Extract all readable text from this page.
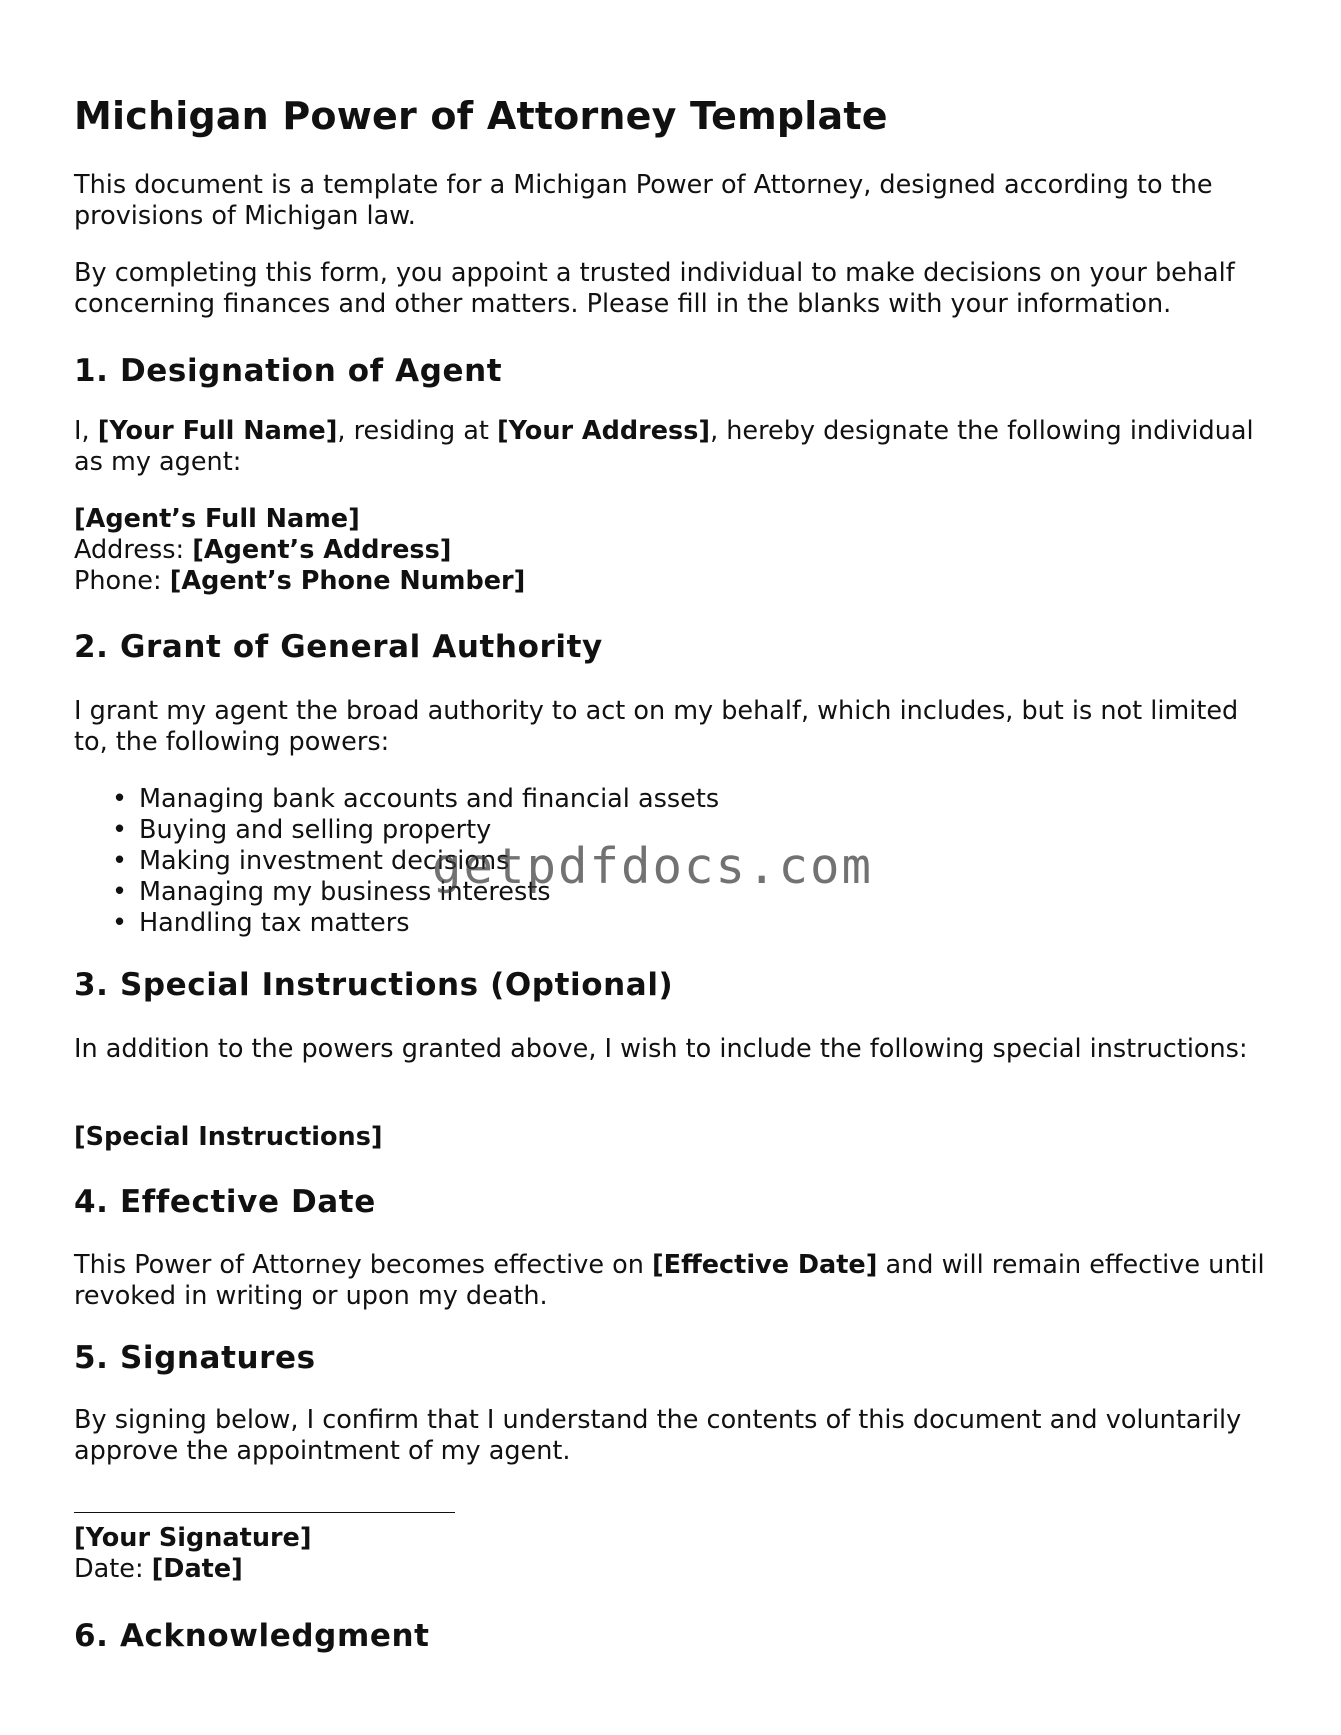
Michigan Power of Attorney Template

This document is a template for a Michigan Power of Attorney, designed according to the provisions of Michigan law.

By completing this form, you appoint a trusted individual to make decisions on your behalf concerning finances and other matters. Please fill in the blanks with your information.

1. Designation of Agent

I, [Your Full Name], residing at [Your Address], hereby designate the following individual as my agent:

[Agent’s Full Name]
Address: [Agent’s Address]
Phone: [Agent’s Phone Number]
2. Grant of General Authority

I grant my agent the broad authority to act on my behalf, which includes, but is not limited to, the following powers:

• Managing bank accounts and financial assets
• Buying and selling property
• Making investment decisions
• Managing my business interests
• Handling tax matters
3. Special Instructions (Optional)

In addition to the powers granted above, I wish to include the following special instructions:

[Special Instructions]

4. Effective Date

This Power of Attorney becomes effective on [Effective Date] and will remain effective until revoked in writing or upon my death.

5. Signatures

By signing below, I confirm that I understand the contents of this document and voluntarily approve the appointment of my agent.

[Your Signature]
Date: [Date]
6. Acknowledgment
getpdfdocs.com
